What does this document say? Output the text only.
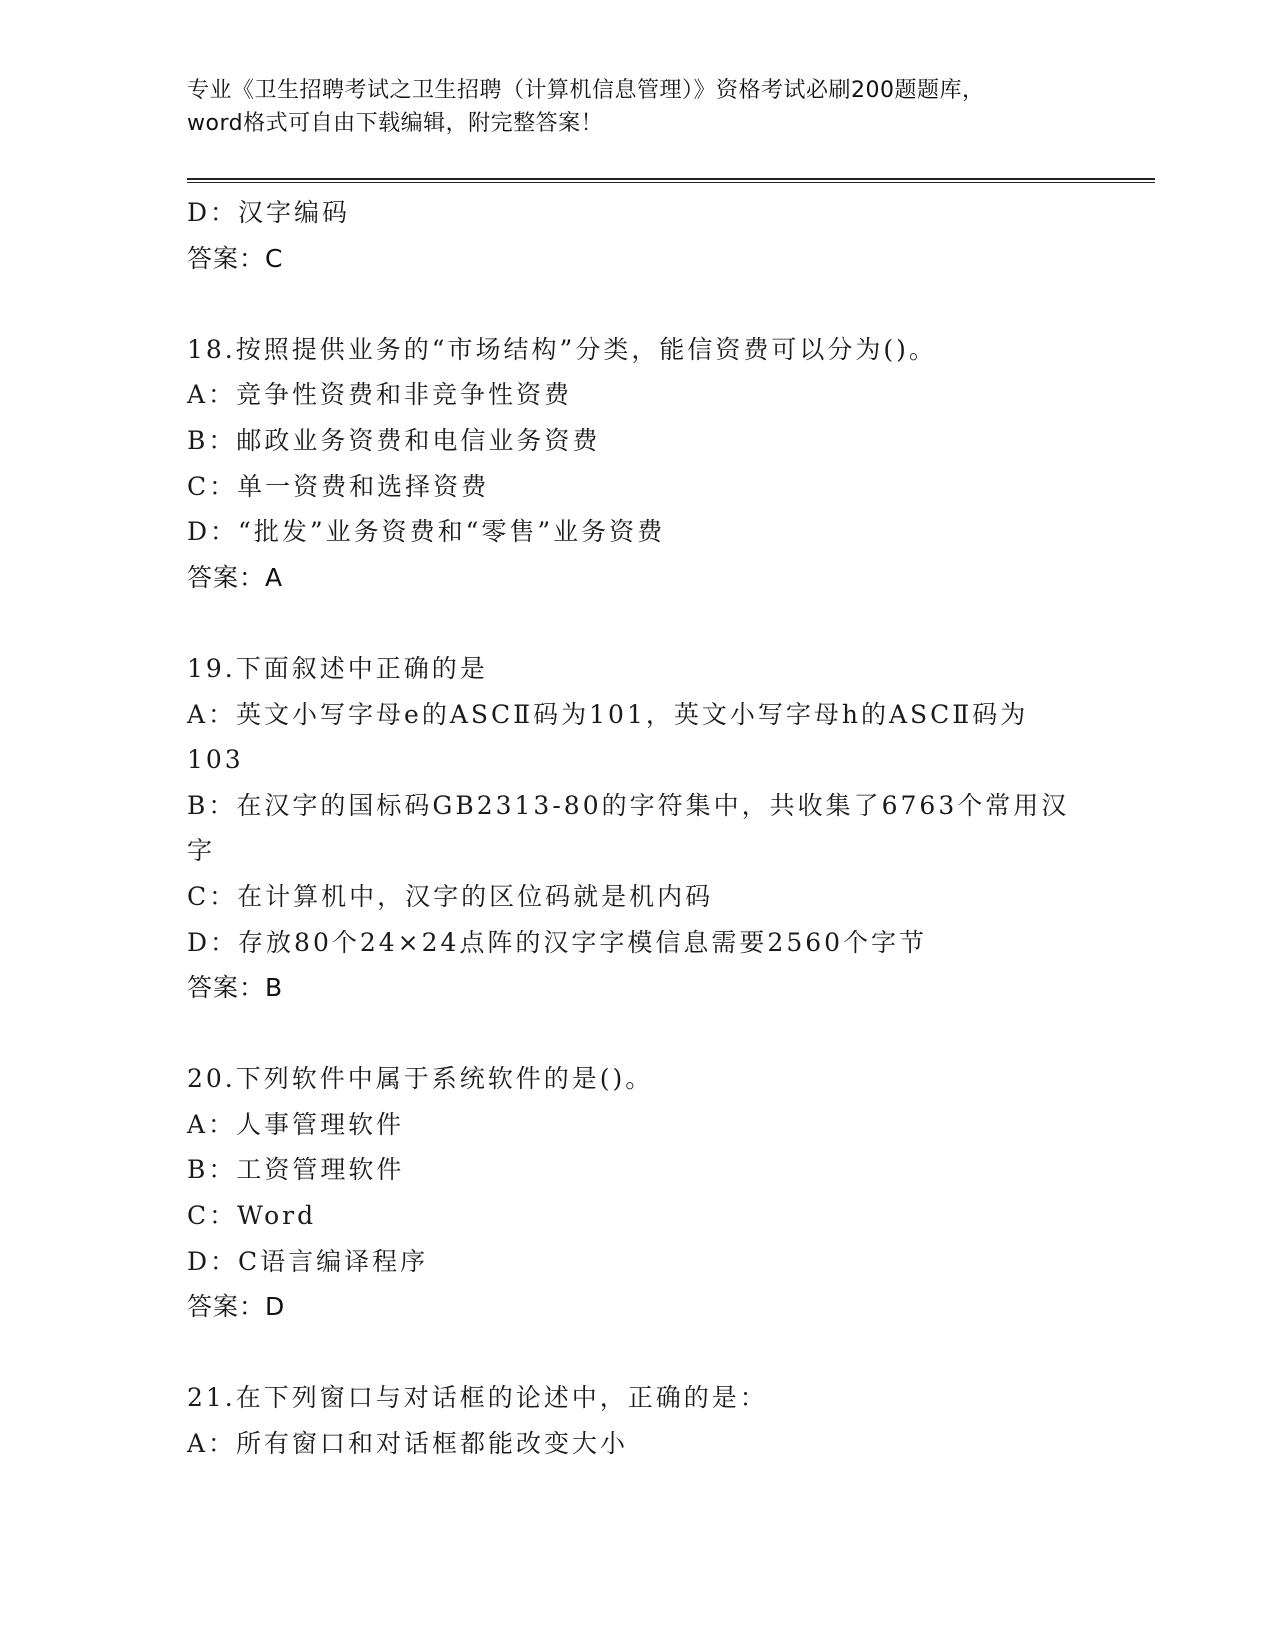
专业《卫生招聘考试之卫生招聘（计算机信息管理）》资格考试必刷200题题库，
word格式可自由下载编辑，附完整答案！
D：汉字编码
答案：C
18.按照提供业务的“市场结构”分类，能信资费可以分为()。
A：竞争性资费和非竞争性资费
B：邮政业务资费和电信业务资费
C：单一资费和选择资费
D：“批发”业务资费和“零售”业务资费
答案：A
19.下面叙述中正确的是
A：英文小写字母e的ASCⅡ码为101，英文小写字母h的ASCⅡ码为
103
B：在汉字的国标码GB2313-80的字符集中，共收集了6763个常用汉
字
C：在计算机中，汉字的区位码就是机内码
D：存放80个24×24点阵的汉字字模信息需要2560个字节
答案：B
20.下列软件中属于系统软件的是()。
A：人事管理软件
B：工资管理软件
C：Word
D：C语言编译程序
答案：D
21.在下列窗口与对话框的论述中，正确的是：
A：所有窗口和对话框都能改变大小
